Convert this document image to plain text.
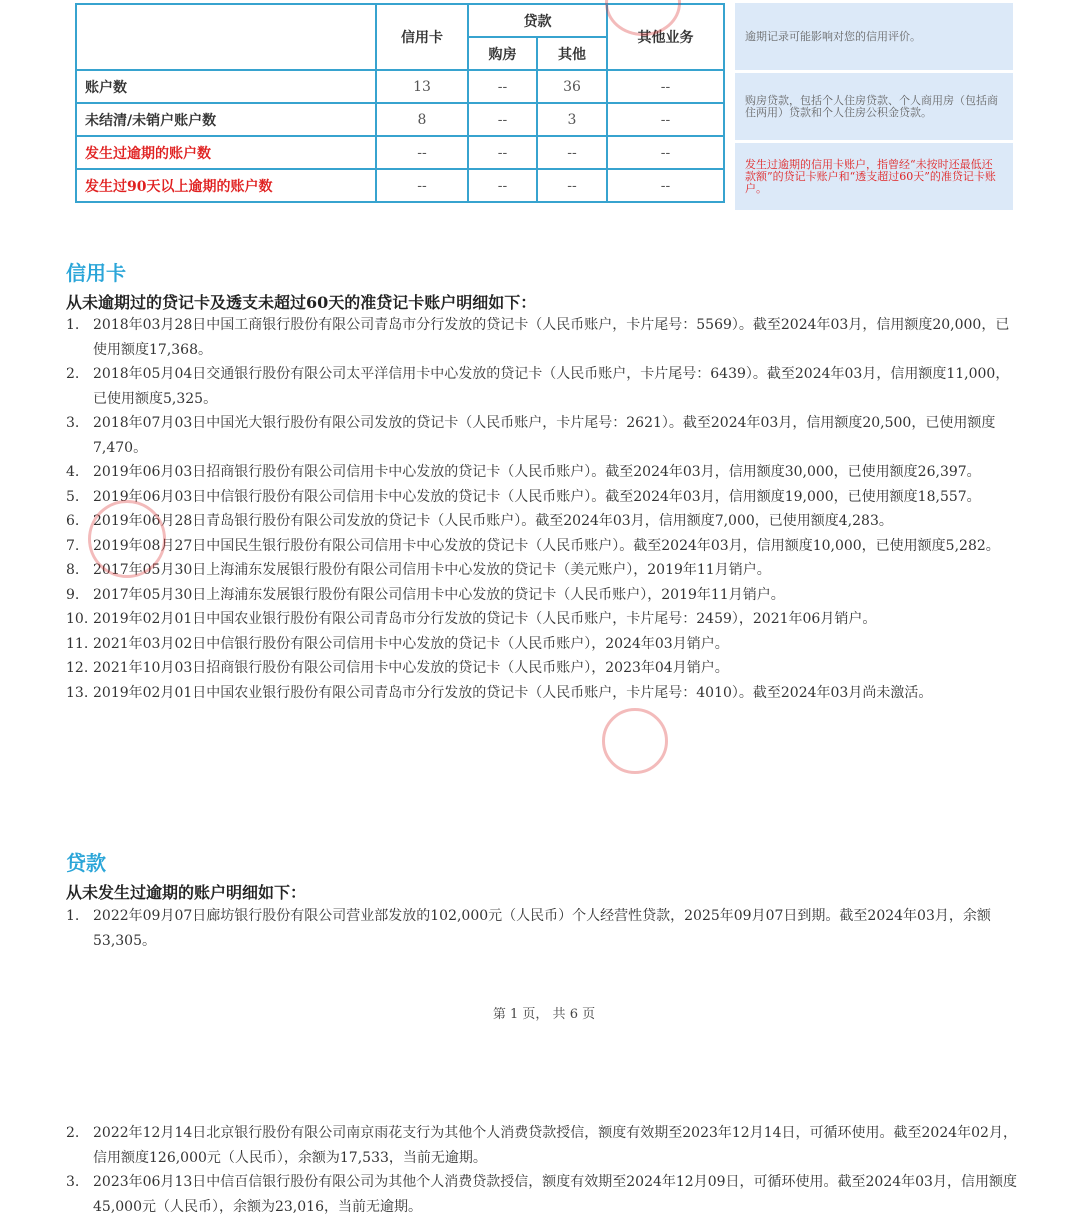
	信用卡	贷款		其他业务
		购房	其他	
账户数	13	--	36	--
未结清/未销户账户数	8	--	3	--
发生过逾期的账户数	--	--	--	--
发生过90天以上逾期的账户数	--	--	--	--
逾期记录可能影响对您的信用评价。
购房贷款，包括个人住房贷款、个人商用房（包括商住两用）贷款和个人住房公积金贷款。
发生过逾期的信用卡账户，指曾经“未按时还最低还款额”的贷记卡账户和“透支超过60天”的准贷记卡账户。
信用卡
从未逾期过的贷记卡及透支未超过60天的准贷记卡账户明细如下：
1. 2018年03月28日中国工商银行股份有限公司青岛市分行发放的贷记卡（人民币账户，卡片尾号：5569）。截至2024年03月，信用额度20,000，已使用额度17,368。
2. 2018年05月04日交通银行股份有限公司太平洋信用卡中心发放的贷记卡（人民币账户，卡片尾号：6439）。截至2024年03月，信用额度11,000，已使用额度5,325。
3. 2018年07月03日中国光大银行股份有限公司发放的贷记卡（人民币账户，卡片尾号：2621）。截至2024年03月，信用额度20,500，已使用额度7,470。
4. 2019年06月03日招商银行股份有限公司信用卡中心发放的贷记卡（人民币账户）。截至2024年03月，信用额度30,000，已使用额度26,397。
5. 2019年06月03日中信银行股份有限公司信用卡中心发放的贷记卡（人民币账户）。截至2024年03月，信用额度19,000，已使用额度18,557。
6. 2019年06月28日青岛银行股份有限公司发放的贷记卡（人民币账户）。截至2024年03月，信用额度7,000，已使用额度4,283。
7. 2019年08月27日中国民生银行股份有限公司信用卡中心发放的贷记卡（人民币账户）。截至2024年03月，信用额度10,000，已使用额度5,282。
8. 2017年05月30日上海浦东发展银行股份有限公司信用卡中心发放的贷记卡（美元账户），2019年11月销户。
9. 2017年05月30日上海浦东发展银行股份有限公司信用卡中心发放的贷记卡（人民币账户），2019年11月销户。
10. 2019年02月01日中国农业银行股份有限公司青岛市分行发放的贷记卡（人民币账户，卡片尾号：2459），2021年06月销户。
11. 2021年03月02日中信银行股份有限公司信用卡中心发放的贷记卡（人民币账户），2024年03月销户。
12. 2021年10月03日招商银行股份有限公司信用卡中心发放的贷记卡（人民币账户），2023年04月销户。
13. 2019年02月01日中国农业银行股份有限公司青岛市分行发放的贷记卡（人民币账户，卡片尾号：4010）。截至2024年03月尚未激活。
贷款
从未发生过逾期的账户明细如下：
1. 2022年09月07日廊坊银行股份有限公司营业部发放的102,000元（人民币）个人经营性贷款，2025年09月07日到期。截至2024年03月，余额53,305。
第 1 页， 共 6 页
2. 2022年12月14日北京银行股份有限公司南京雨花支行为其他个人消费贷款授信，额度有效期至2023年12月14日，可循环使用。截至2024年02月，信用额度126,000元（人民币），余额为17,533，当前无逾期。
3. 2023年06月13日中信百信银行股份有限公司为其他个人消费贷款授信，额度有效期至2024年12月09日，可循环使用。截至2024年03月，信用额度45,000元（人民币），余额为23,016，当前无逾期。
